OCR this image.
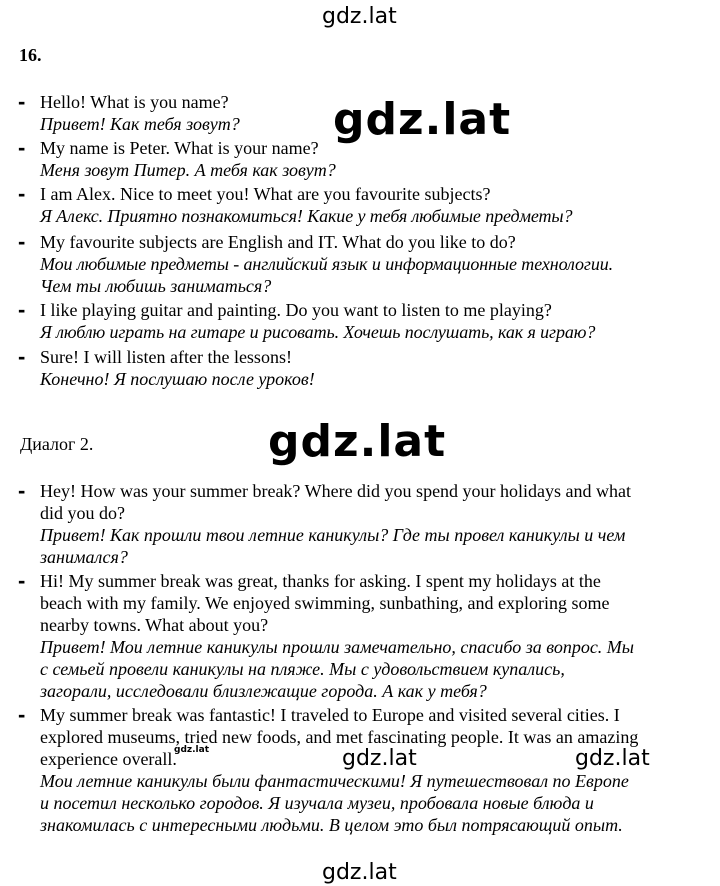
gdz.lat
gdz.lat
gdz.lat
gdz.lat
gdz.lat
16.
- Hello! What is you name?
Привет! Как тебя зовут?
- My name is Peter. What is your name?
Меня зовут Питер. А тебя как зовут?
- I am Alex. Nice to meet you! What are you favourite subjects?
Я Алекс. Приятно познакомиться! Какие у тебя любимые предметы?
- My favourite subjects are English and IT. What do you like to do?
Мои любимые предметы - английский язык и информационные технологии.
Чем ты любишь заниматься?
- I like playing guitar and painting. Do you want to listen to me playing?
Я люблю играть на гитаре и рисовать. Хочешь послушать, как я играю?
- Sure! I will listen after the lessons!
Конечно! Я послушаю после уроков!
Диалог 2.
- Hey! How was your summer break? Where did you spend your holidays and what
did you do?
Привет! Как прошли твои летние каникулы? Где ты провел каникулы и чем
занимался?
- Hi! My summer break was great, thanks for asking. I spent my holidays at the
beach with my family. We enjoyed swimming, sunbathing, and exploring some
nearby towns. What about you?
Привет! Мои летние каникулы прошли замечательно, спасибо за вопрос. Мы
с семьей провели каникулы на пляже. Мы с удовольствием купались,
загорали, исследовали близлежащие города. А как у тебя?
- My summer break was fantastic! I traveled to Europe and visited several cities. I
explored museums, tried new foods, and met fascinating people. It was an amazing
experience overall.
Мои летние каникулы были фантастическими! Я путешествовал по Европе
и посетил несколько городов. Я изучала музеи, пробовала новые блюда и
знакомилась с интересными людьми. В целом это был потрясающий опыт.
gdz.lat	gdz.lat
